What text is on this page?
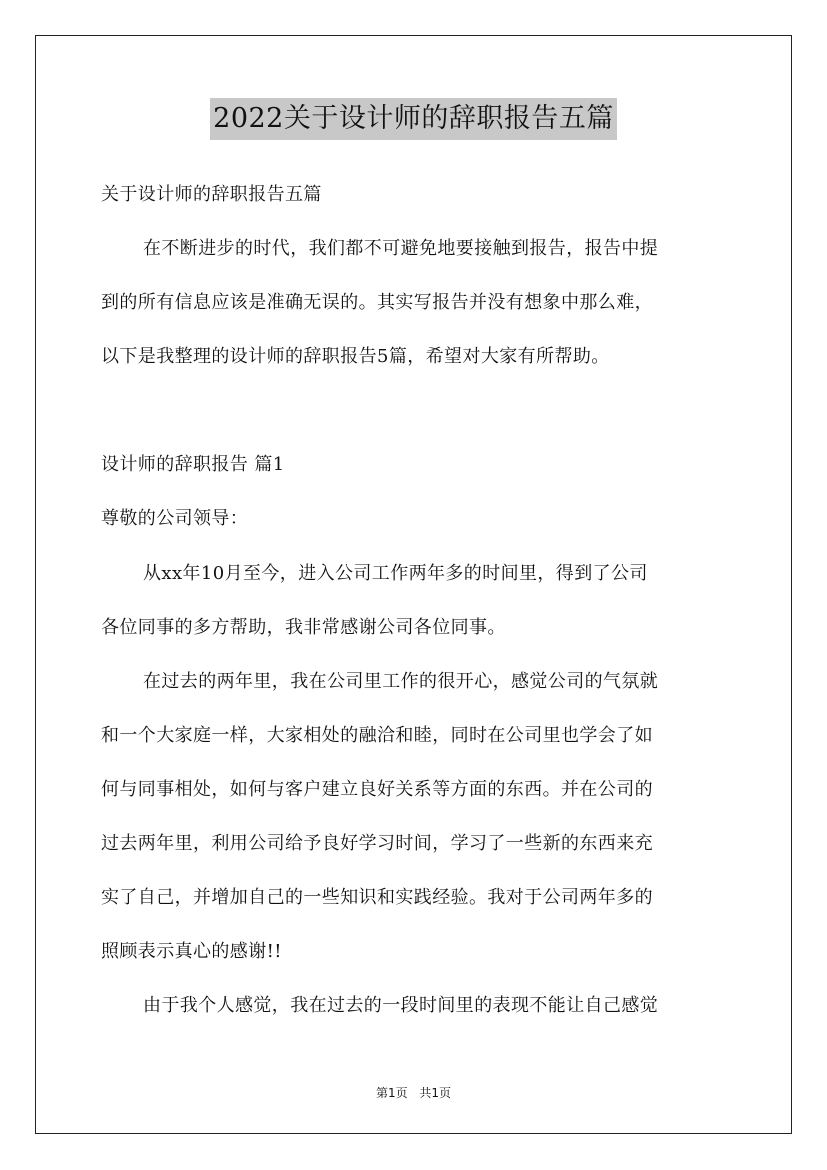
2022关于设计师的辞职报告五篇
关于设计师的辞职报告五篇
在不断进步的时代，我们都不可避免地要接触到报告，报告中提
到的所有信息应该是准确无误的。其实写报告并没有想象中那么难，
以下是我整理的设计师的辞职报告5篇，希望对大家有所帮助。
设计师的辞职报告 篇1
尊敬的公司领导：
从xx年10月至今，进入公司工作两年多的时间里，得到了公司
各位同事的多方帮助，我非常感谢公司各位同事。
在过去的两年里，我在公司里工作的很开心，感觉公司的气氛就
和一个大家庭一样，大家相处的融洽和睦，同时在公司里也学会了如
何与同事相处，如何与客户建立良好关系等方面的东西。并在公司的
过去两年里，利用公司给予良好学习时间，学习了一些新的东西来充
实了自己，并增加自己的一些知识和实践经验。我对于公司两年多的
照顾表示真心的感谢!!
由于我个人感觉，我在过去的一段时间里的表现不能让自己感觉
第1页 共1页
